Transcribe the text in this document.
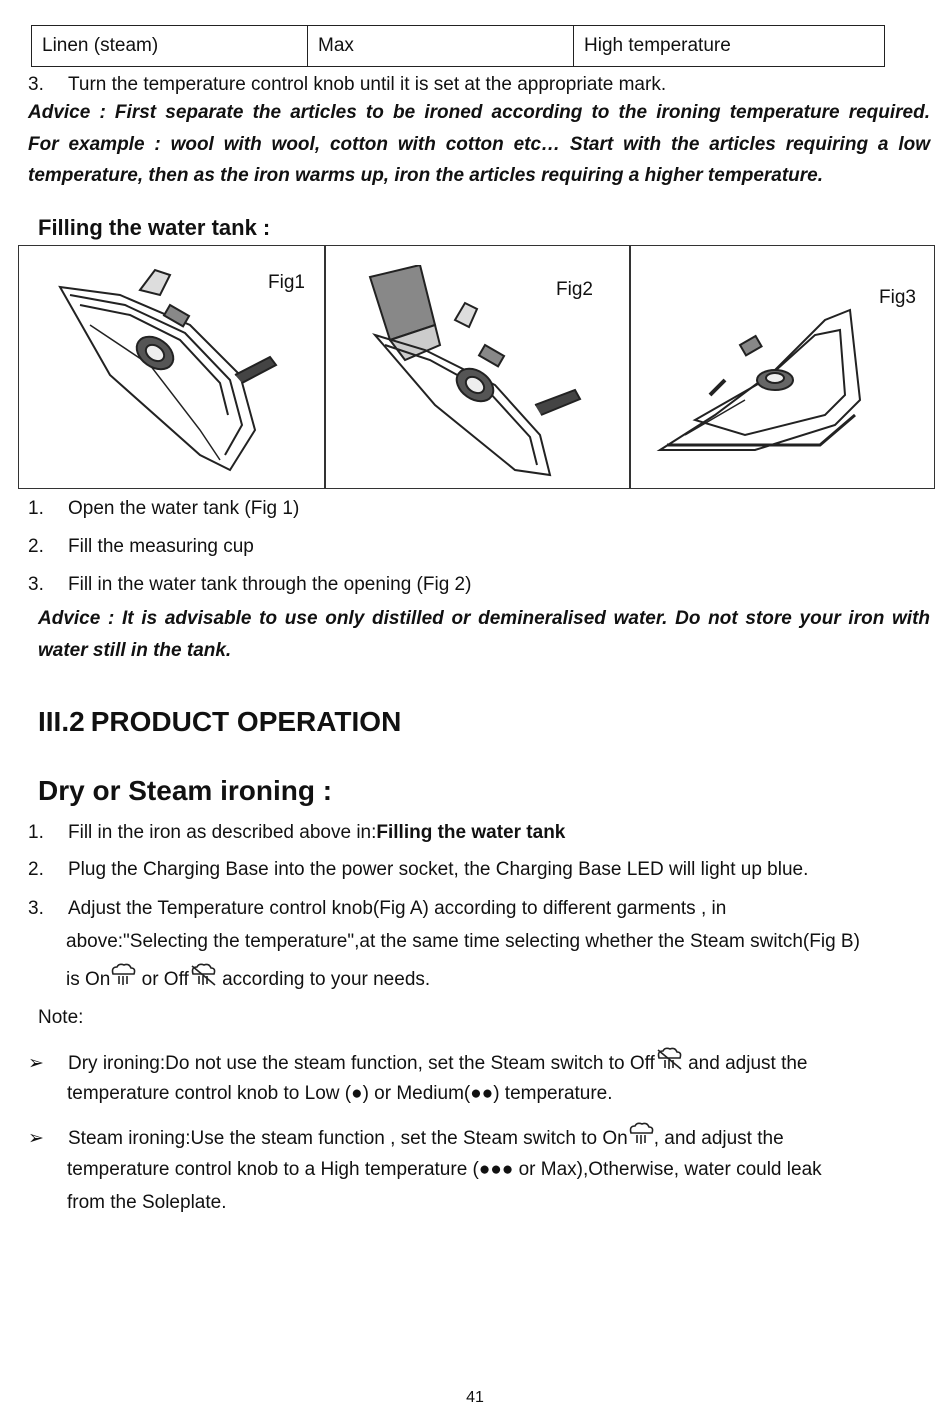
Linen (steam)	Max	High temperature
3. Turn the temperature control knob until it is set at the appropriate mark.
Advice : First separate the articles to be ironed according to the ironing temperature required.
For example : wool with wool, cotton with cotton etc… Start with the articles requiring a low
temperature, then as the iron warms up, iron the articles requiring a higher temperature.
Filling the water tank :
Fig1	Fig2	Fig3
1. Open the water tank (Fig 1)
2. Fill the measuring cup
3. Fill in the water tank through the opening (Fig 2)
Advice : It is advisable to use only distilled or demineralised water. Do not store your iron with
water still in the tank.
III.2 PRODUCT OPERATION
Dry or Steam ironing :
1. Fill in the iron as described above in:Filling the water tank
2. Plug the Charging Base into the power socket, the Charging Base LED will light up blue.
3. Adjust the Temperature control knob(Fig A) according to different garments , in
above:"Selecting the temperature",at the same time selecting whether the Steam switch(Fig B)
is On
or Off
according to your needs.
Note:
➢ Dry ironing:Do not use the steam function, set the Steam switch to Off
and adjust the
temperature control knob to Low (●) or Medium(●●) temperature.
➢ Steam ironing:Use the steam function , set the Steam switch to On , and adjust the
temperature control knob to a High temperature (●●● or Max),Otherwise, water could leak
from the Soleplate.
41
